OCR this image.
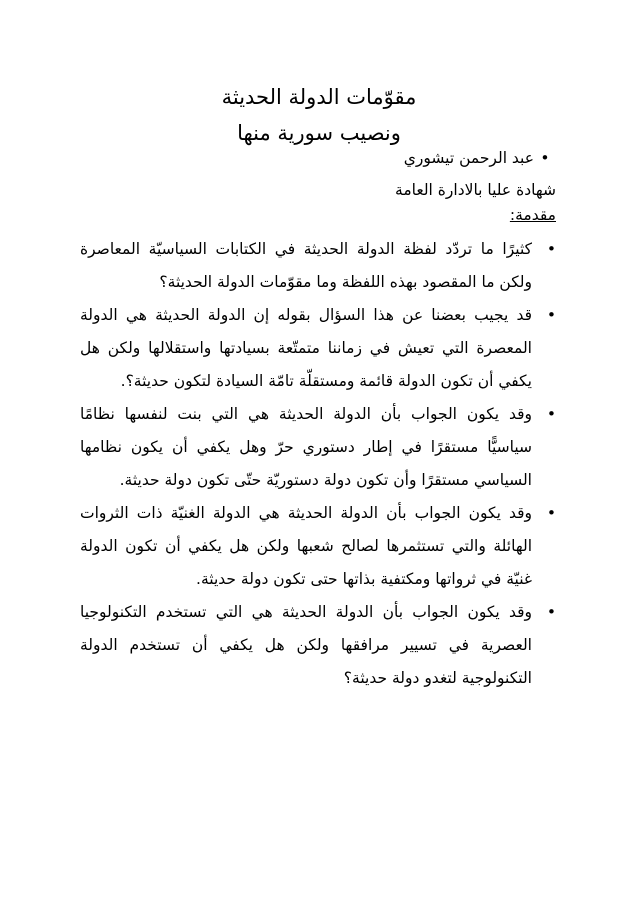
مقوّمات الدولة الحديثة
ونصيب سورية منها
•عبد الرحمن تيشوري
شهادة عليا بالادارة العامة
مقدمة:
•
كثيرًا ما تردّد لفظة الدولة الحديثة في الكتابات السياسيّة المعاصرة ولكن ما المقصود بهذه اللفظة وما مقوّمات الدولة الحديثة؟
•
قد يجيب بعضنا عن هذا السؤال بقوله إن الدولة الحديثة هي الدولة المعصرة التي تعيش في زماننا متمتّعة بسيادتها واستقلالها ولكن هل يكفي أن تكون الدولة قائمة ومستقلّة تامّة السيادة لتكون حديثة؟.
•
وقد يكون الجواب بأن الدولة الحديثة هي التي بنت لنفسها نظامًا سياسيًّا مستقرًا في إطار دستوري حرّ وهل يكفي أن يكون نظامها السياسي مستقرًا وأن تكون دولة دستوريّة حتّى تكون دولة حديثة.
•
وقد يكون الجواب بأن الدولة الحديثة هي الدولة الغنيّة ذات الثروات الهائلة والتي تستثمرها لصالح شعبها ولكن هل يكفي أن تكون الدولة غنيّة في ثرواتها ومكتفية بذاتها حتى تكون دولة حديثة.
•
وقد يكون الجواب بأن الدولة الحديثة هي التي تستخدم التكنولوجيا العصرية في تسيير مرافقها ولكن هل يكفي أن تستخدم الدولة التكنولوجية لتغدو دولة حديثة؟
